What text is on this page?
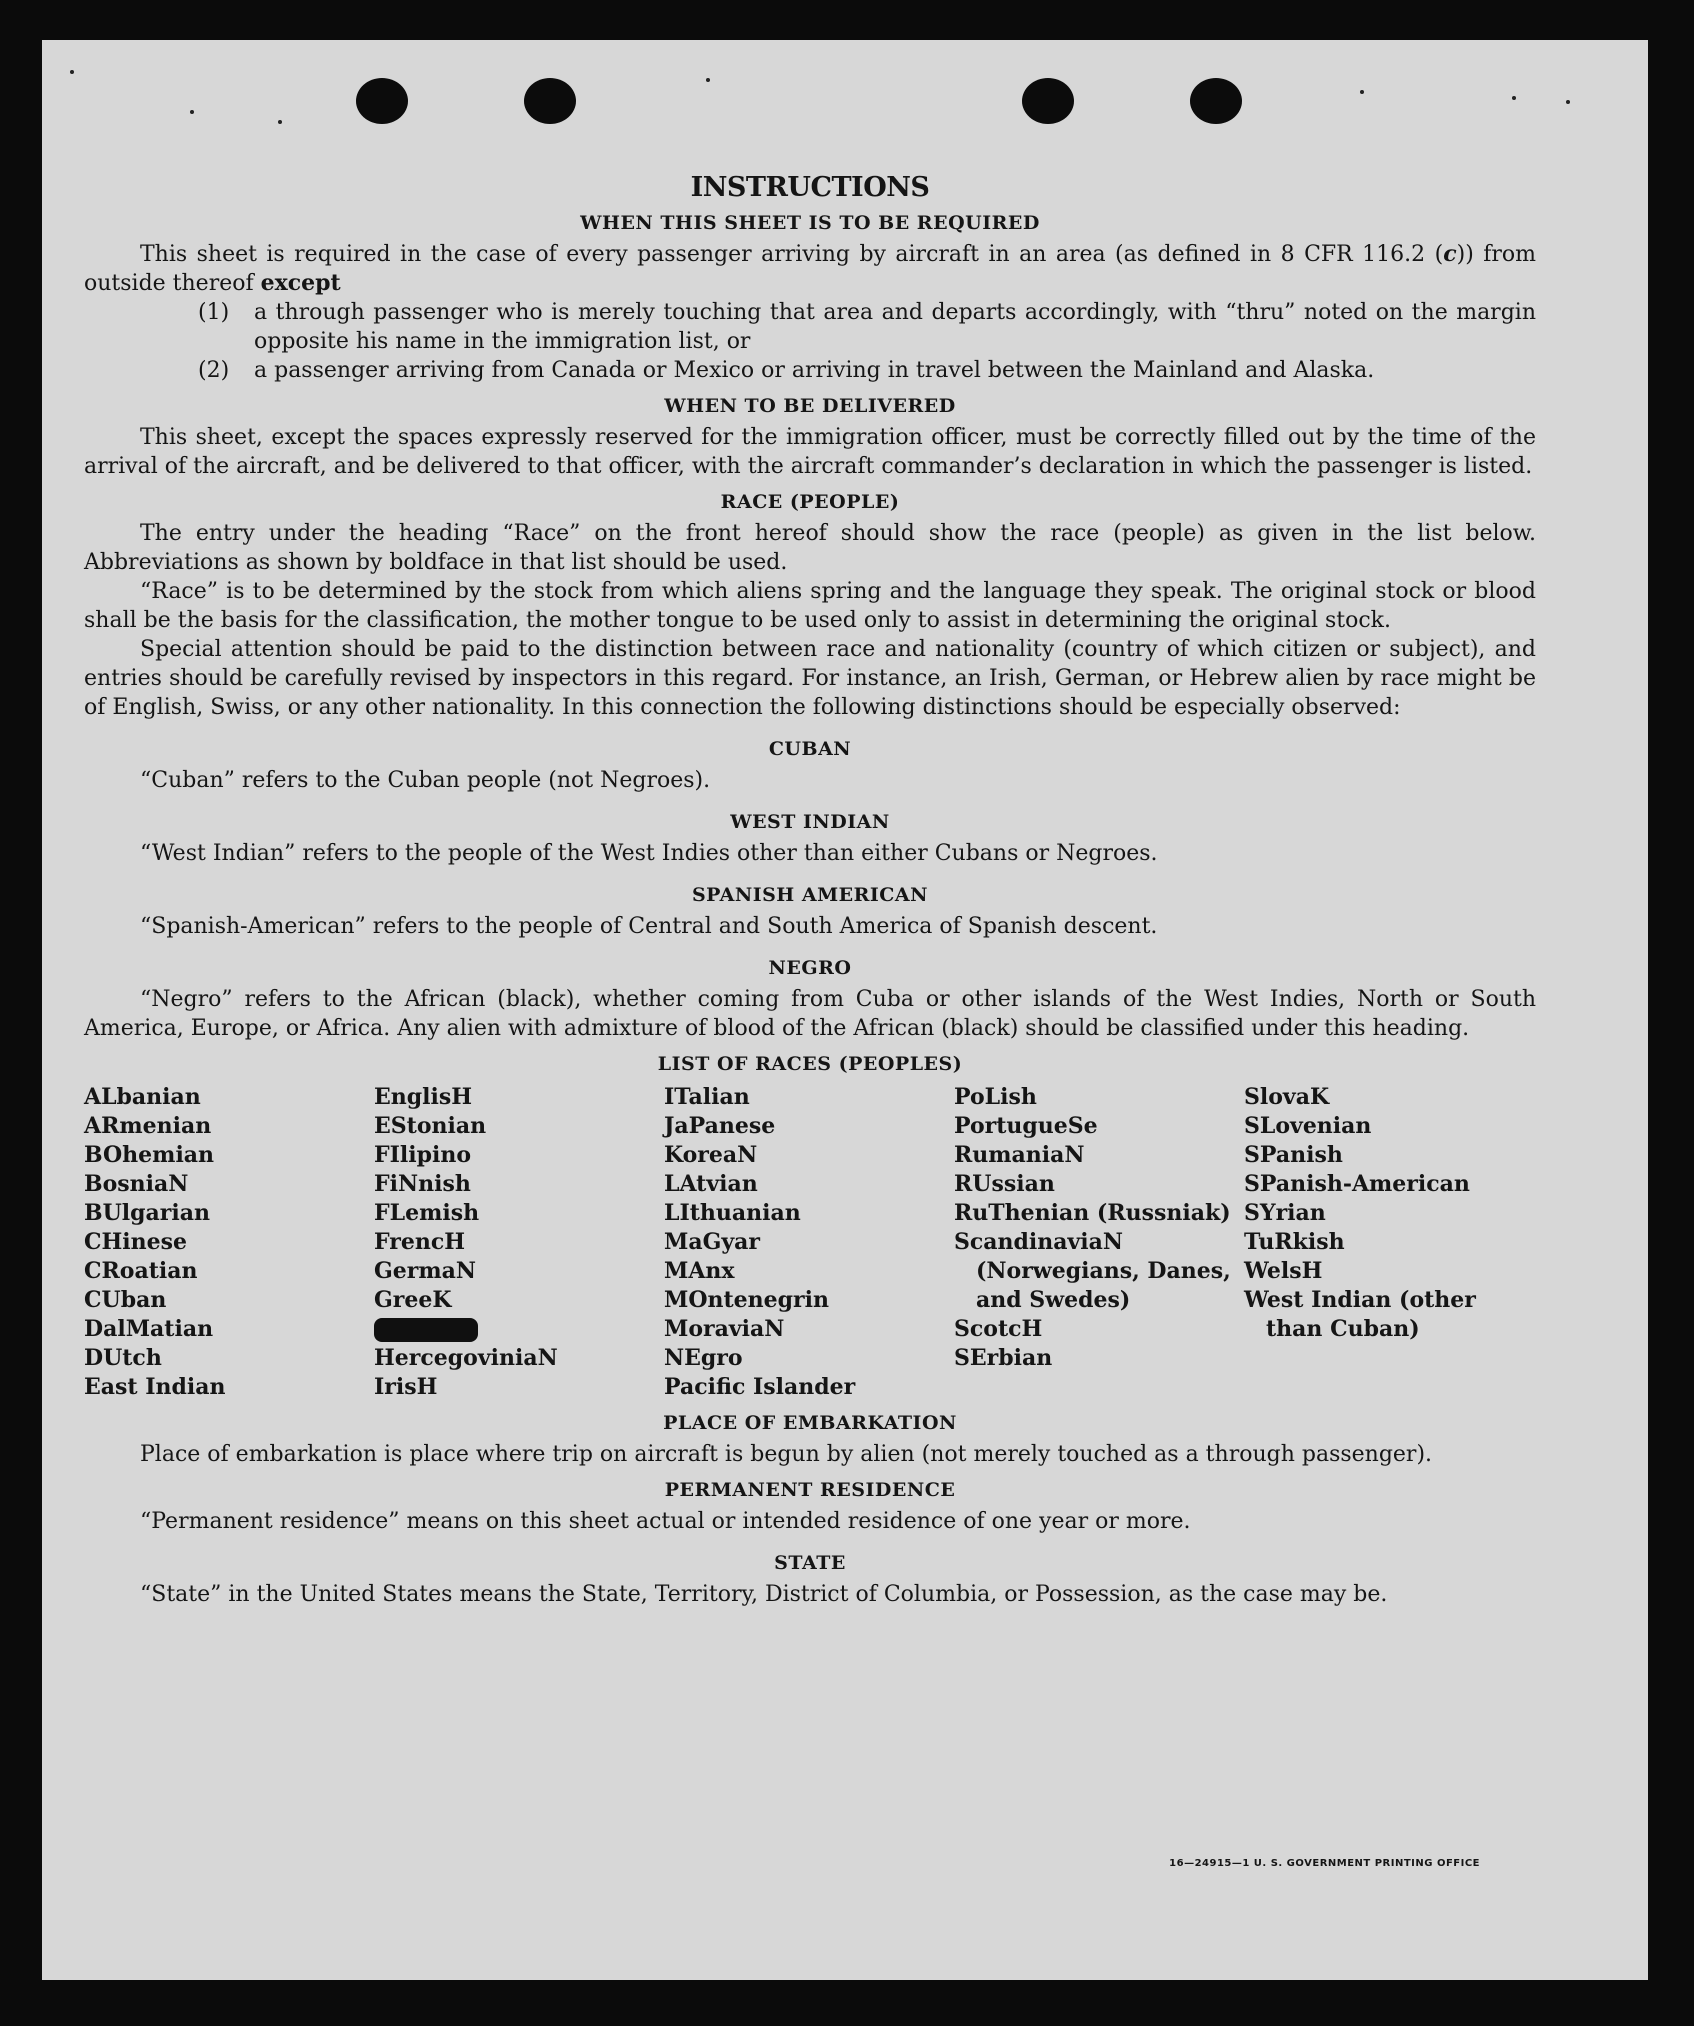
INSTRUCTIONS
WHEN THIS SHEET IS TO BE REQUIRED

This sheet is required in the case of every passenger arriving by aircraft in an area (as defined in 8 CFR 116.2 (c)) from outside thereof except

(1)	a through passenger who is merely touching that area and departs accordingly, with “thru” noted on the margin opposite his name in the immigration list, or
(2)	a passenger arriving from Canada or Mexico or arriving in travel between the Mainland and Alaska.
WHEN TO BE DELIVERED

This sheet, except the spaces expressly reserved for the immigration officer, must be correctly filled out by the time of the arrival of the aircraft, and be delivered to that officer, with the aircraft commander’s declaration in which the passenger is listed.

RACE (PEOPLE)

The entry under the heading “Race” on the front hereof should show the race (people) as given in the list below. Abbreviations as shown by boldface in that list should be used.

“Race” is to be determined by the stock from which aliens spring and the language they speak. The original stock or blood shall be the basis for the classification, the mother tongue to be used only to assist in determining the original stock.

Special attention should be paid to the distinction between race and nationality (country of which citizen or subject), and entries should be carefully revised by inspectors in this regard. For instance, an Irish, German, or Hebrew alien by race might be of English, Swiss, or any other nationality. In this connection the following distinctions should be especially observed:

CUBAN

“Cuban” refers to the Cuban people (not Negroes).

WEST INDIAN

“West Indian” refers to the people of the West Indies other than either Cubans or Negroes.

SPANISH AMERICAN

“Spanish-American” refers to the people of Central and South America of Spanish descent.

NEGRO

“Negro” refers to the African (black), whether coming from Cuba or other islands of the West Indies, North or South America, Europe, or Africa. Any alien with admixture of blood of the African (black) should be classified under this heading.

LIST OF RACES (PEOPLES)
ALbanian
ARmenian
BOhemian
BosniaN
BUlgarian
CHinese
CRoatian
CUban
DalMatian
DUtch
East Indian
EnglisH
EStonian
FIlipino
FiNnish
FLemish
FrencH
GermaN
GreeK
HercegoviniaN
IrisH
ITalian
JaPanese
KoreaN
LAtvian
LIthuanian
MaGyar
MAnx
MOntenegrin
MoraviaN
NEgro
Pacific Islander
PoLish
PortugueSe
RumaniaN
RUssian
RuThenian (Russniak)
ScandinaviaN (Norwegians, Danes, and Swedes)
ScotcH
SErbian
SlovaK
SLovenian
SPanish
SPanish-American
SYrian
TuRkish
WelsH
West Indian (other than Cuban)
PLACE OF EMBARKATION

Place of embarkation is place where trip on aircraft is begun by alien (not merely touched as a through passenger).

PERMANENT RESIDENCE

“Permanent residence” means on this sheet actual or intended residence of one year or more.

STATE

“State” in the United States means the State, Territory, District of Columbia, or Possession, as the case may be.

16—24915—1 U. S. GOVERNMENT PRINTING OFFICE
